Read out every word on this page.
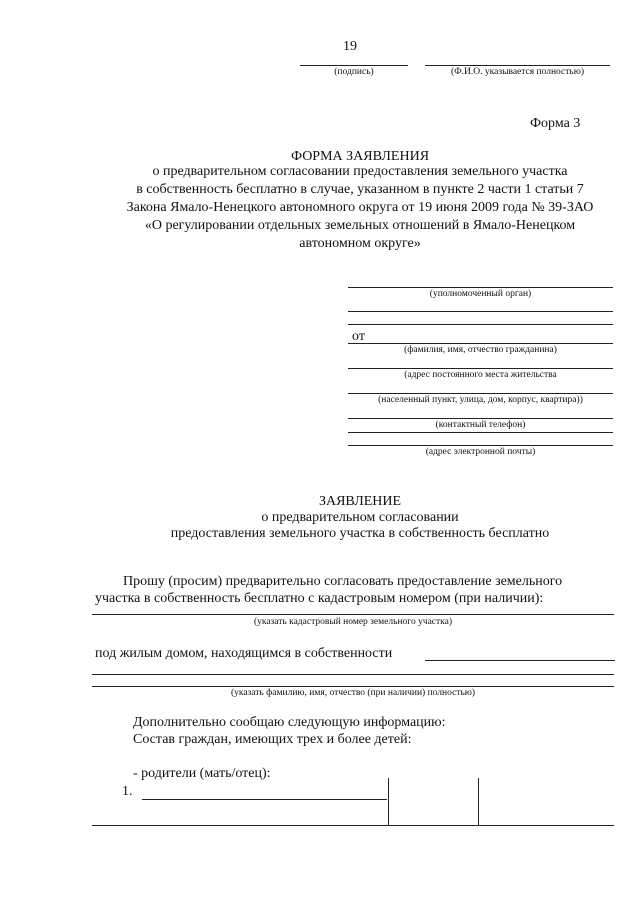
19
(подпись)	(Ф.И.О. указывается полностью)
Форма 3
ФОРМА ЗАЯВЛЕНИЯ
о предварительном согласовании предоставления земельного участка
в собственность бесплатно в случае, указанном в пункте 2 части 1 статьи 7
Закона Ямало-Ненецкого автономного округа от 19 июня 2009 года № 39-ЗАО
«О регулировании отдельных земельных отношений в Ямало-Ненецком
автономном округе»
(уполномоченный орган)
от
(фамилия, имя, отчество гражданина)
(адрес постоянного места жительства
(населенный пункт, улица, дом, корпус, квартира))
(контактный телефон)
(адрес электронной почты)
ЗАЯВЛЕНИЕ
о предварительном согласовании
предоставления земельного участка в собственность бесплатно
Прошу (просим) предварительно согласовать предоставление земельного
участка в собственность бесплатно с кадастровым номером (при наличии):
(указать кадастровый номер земельного участка)
под жилым домом, находящимся в собственности
(указать фамилию, имя, отчество (при наличии) полностью)
Дополнительно сообщаю следующую информацию:
Состав граждан, имеющих трех и более детей:
- родители (мать/отец):
1.
